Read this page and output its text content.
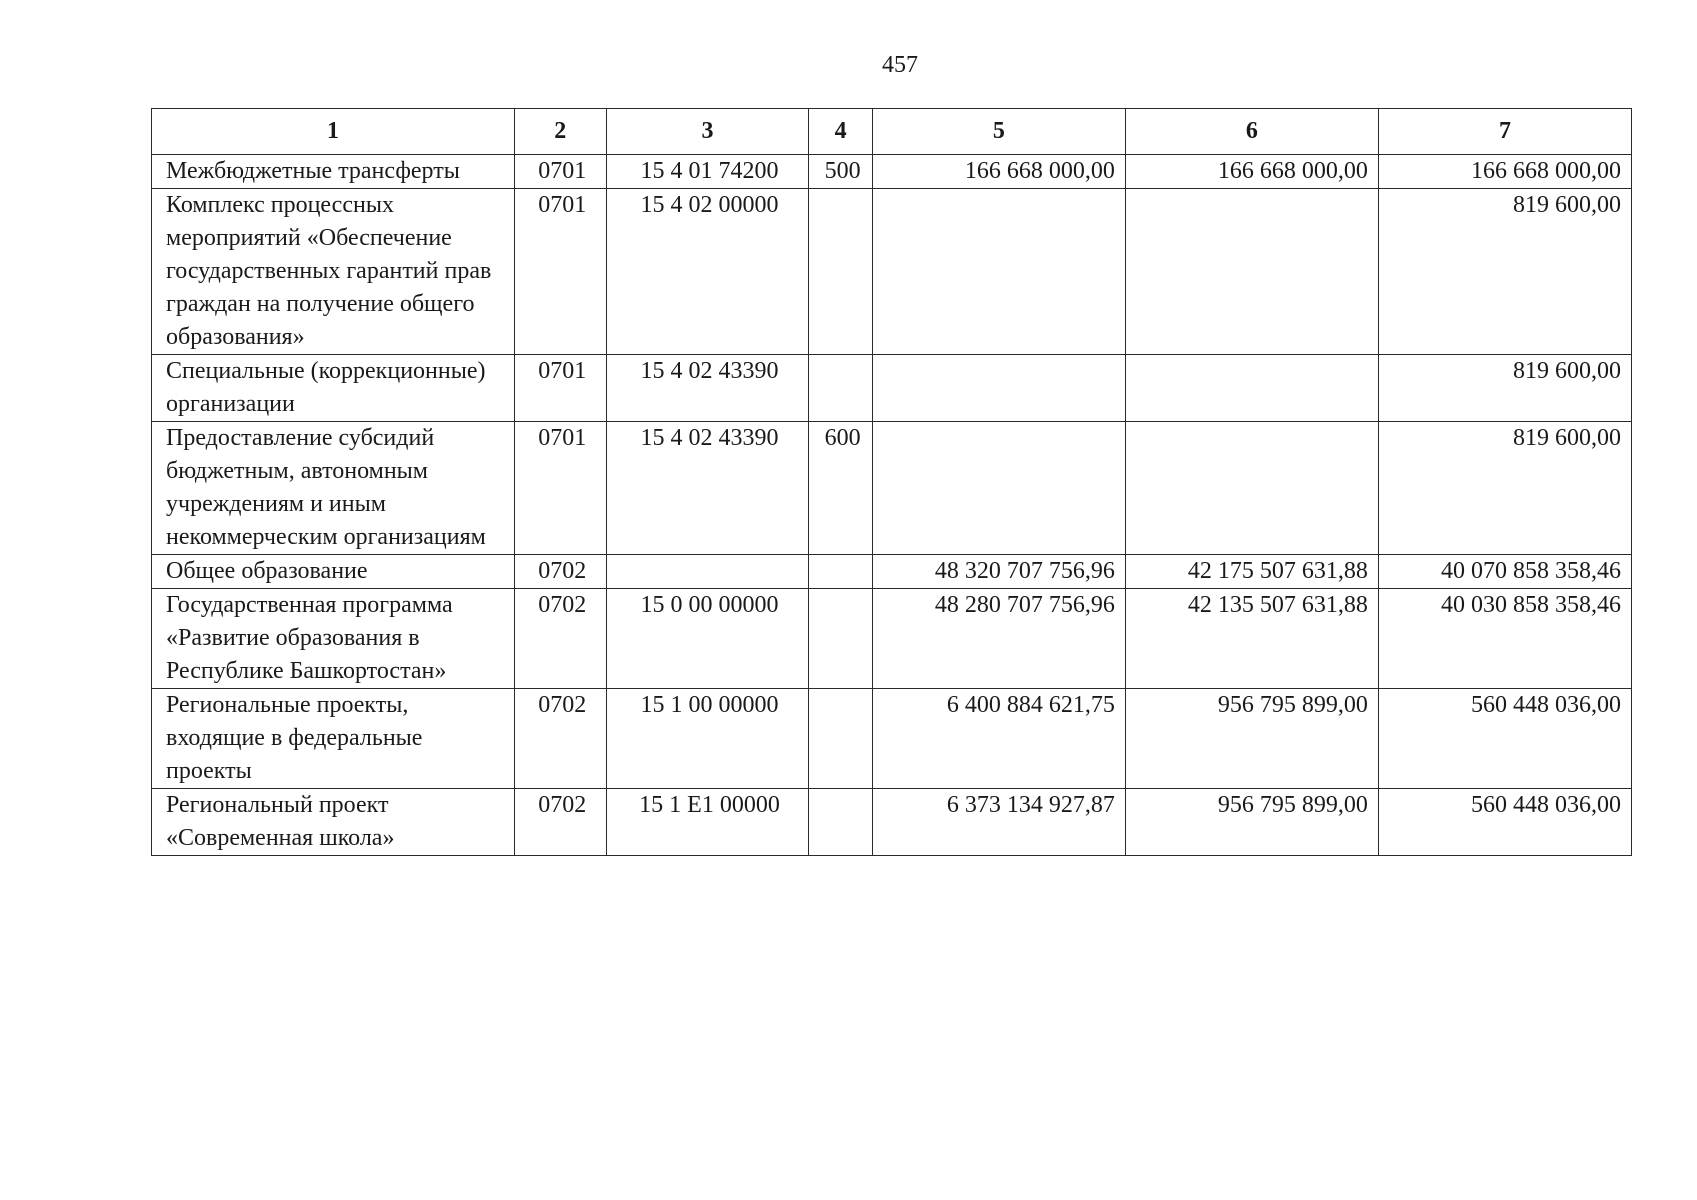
457
1	2	3	4	5	6	7
Межбюджетные трансферты	0701	15 4 01 74200	500	166 668 000,00	166 668 000,00	166 668 000,00
Комплекс процессных мероприятий «Обеспечение государственных гарантий прав граждан на получение общего образования»	0701	15 4 02 00000				819 600,00
Специальные (коррекционные) организации	0701	15 4 02 43390				819 600,00
Предоставление субсидий бюджетным, автономным учреждениям и иным некоммерческим организациям	0701	15 4 02 43390	600			819 600,00
Общее образование	0702			48 320 707 756,96	42 175 507 631,88	40 070 858 358,46
Государственная программа «Развитие образования в Республике Башкортостан»	0702	15 0 00 00000		48 280 707 756,96	42 135 507 631,88	40 030 858 358,46
Региональные проекты, входящие в федеральные проекты	0702	15 1 00 00000		6 400 884 621,75	956 795 899,00	560 448 036,00
Региональный проект «Современная школа»	0702	15 1 E1 00000		6 373 134 927,87	956 795 899,00	560 448 036,00
